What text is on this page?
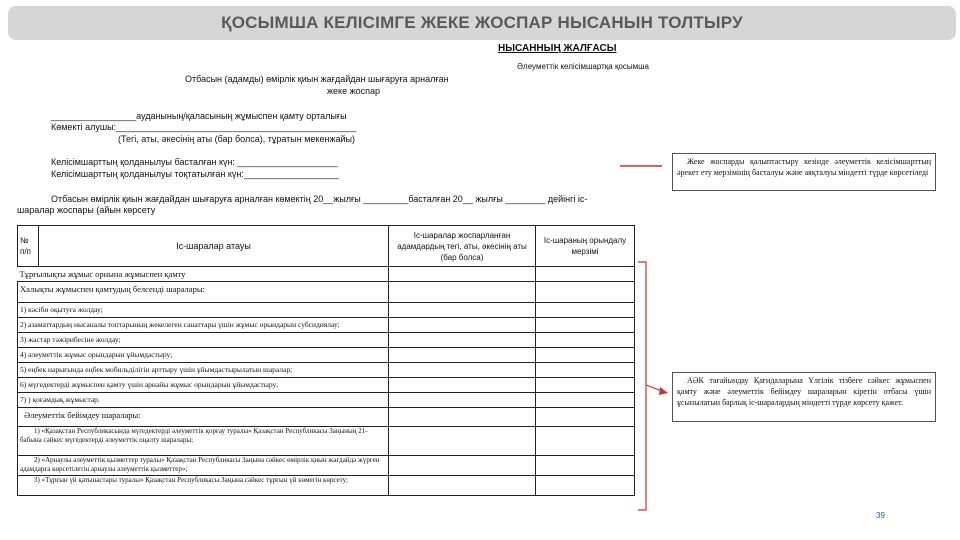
ҚОСЫМША КЕЛІСІМГЕ ЖЕКЕ ЖОСПАР НЫСАНЫН ТОЛТЫРУ
НЫСАННЫҢ ЖАЛҒАСЫ
Әлеуметтік келісімшартқа қосымша
Отбасын (адамды) өмірлік қиын жағдайдан шығаруға арналған
жеке жоспар
_________________ауданының/қаласының жұмыспен қамту орталығы
Көмекті алушы:________________________________________________
(Тегі, аты, әкесінің аты (бар болса), тұратын мекенжайы)
Келісімшарттың қолданылуы басталған күн: ____________________
Келісімшарттың қолданылуы тоқтатылған күн:___________________
Отбасын өмірлік қиын жағдайдан шығаруға арналған көмектің 20__жылғы _________басталған 20__ жылғы ________ дейінгі іс-
шаралар жоспары (айын көрсету
№ п/п	Іс-шаралар атауы	Іс-шаралар жоспарланған адамдардың тегі, аты, әкесінің аты (бар болса)	Іс-шараның орындалу мерзімі
Тұрғылықты жұмыс орнына жұмыспен қамту			
Халықты жұмыспен қамтудың белсенді шаралары:			
1) кәсіби оқытуға жолдау;			
2) азаматтардың нысаналы топтарының жекелеген санаттары үшін жұмыс орындарын субсидиялау;			
3) жастар тәжірибесіне жолдау;			
4) әлеуметтік жұмыс орындарын ұйымдастыру;			
5) еңбек нарығында еңбек мобильділігін арттыру үшін ұйымдастырылатын шаралар;			
6) мүгедектерді жұмыспен қамту үшін арнайы жұмыс орындарын ұйымдастыру;			
7) ) қоғамдық жұмыстар.			
Әлеуметтік бейімдеу шаралары:			
1) «Қазақстан Республикасында мүгедектерді әлеуметтік қорғау туралы» Қазақстан Республикасы Заңының 21-бабына сәйкес мүгедектерді әлеуметтік оңалту шаралары;			
2) «Арнаулы әлеуметтік қызметтер туралы» Қазақстан Республикасы Заңына сәйкес өмірлік қиын жағдайда жүрген адамдарға көрсетілетін арнаулы әлеуметтік қызметтер»;			
3) «Тұрғын үй қатынастары туралы» Қазақстан Республикасы Заңына сәйкес тұрғын үй көмегін көрсету;			
Жеке жоспарды қалыптастыру кезінде әлеуметтік келісімшарттың әрекет ету мерзімінің басталуы және аяқталуы міндетті түрде көрсетіледі
АӘК тағайындау Қағидаларына Үлгілік тізбеге сәйкес жұмыспен қамту және әлеуметтік бейімдеу шараларын кіретін отбасы үшін ұсынылатын барлық іс-шаралардың міндетті түрде көрсету қажет.
39
